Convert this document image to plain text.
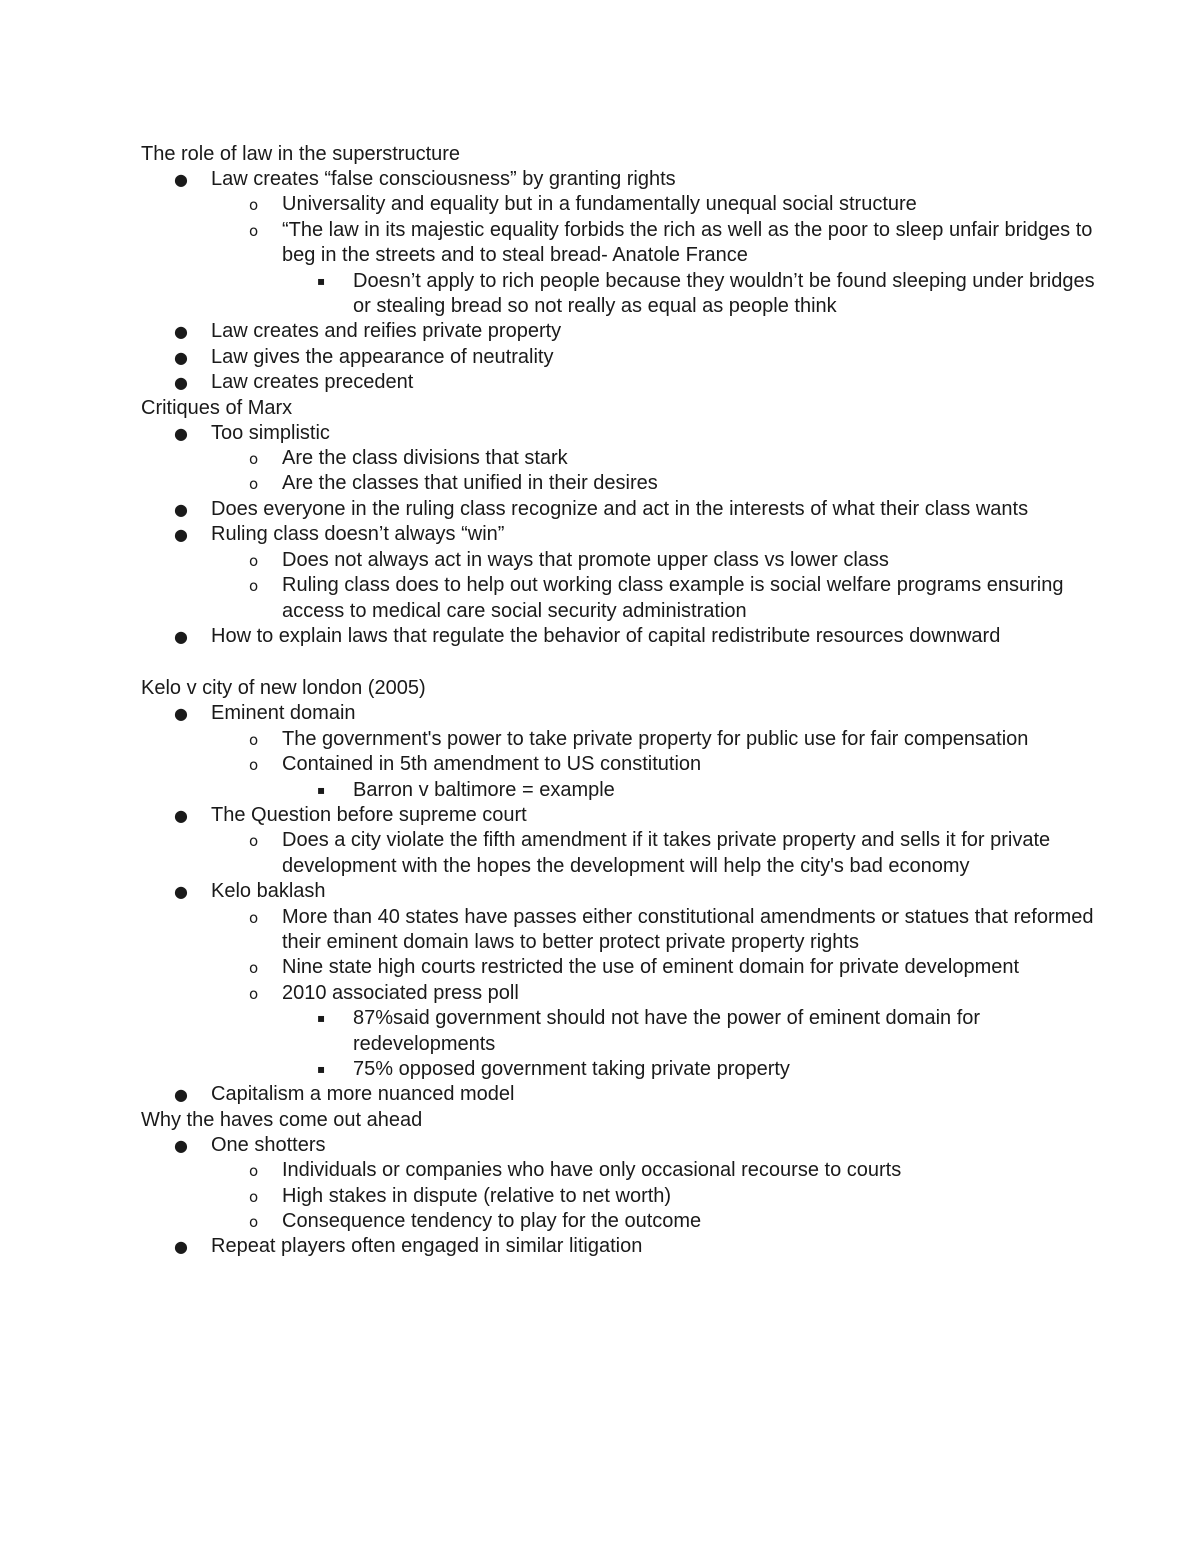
The role of law in the superstructure

● Law creates “false consciousness” by granting rights
o Universality and equality but in a fundamentally unequal social structure
o “The law in its majestic equality forbids the rich as well as the poor to sleep unfair bridges to beg in the streets and to steal bread- Anatole France
▪ Doesn’t apply to rich people because they wouldn’t be found sleeping under bridges or stealing bread so not really as equal as people think
● Law creates and reifies private property
● Law gives the appearance of neutrality
● Law creates precedent

Critiques of Marx

● Too simplistic
o Are the class divisions that stark
o Are the classes that unified in their desires
● Does everyone in the ruling class recognize and act in the interests of what their class wants
● Ruling class doesn’t always “win”
o Does not always act in ways that promote upper class vs lower class
o Ruling class does to help out working class example is social welfare programs ensuring access to medical care social security administration
● How to explain laws that regulate the behavior of capital redistribute resources downward

Kelo v city of new london (2005)

● Eminent domain
o The government's power to take private property for public use for fair compensation
o Contained in 5th amendment to US constitution
▪ Barron v baltimore = example
● The Question before supreme court
o Does a city violate the fifth amendment if it takes private property and sells it for private development with the hopes the development will help the city's bad economy
● Kelo baklash
o More than 40 states have passes either constitutional amendments or statues that reformed their eminent domain laws to better protect private property rights
o Nine state high courts restricted the use of eminent domain for private development
o 2010 associated press poll
▪ 87%said government should not have the power of eminent domain for redevelopments
▪ 75% opposed government taking private property
● Capitalism a more nuanced model

Why the haves come out ahead

● One shotters
o Individuals or companies who have only occasional recourse to courts
o High stakes in dispute (relative to net worth)
o Consequence tendency to play for the outcome
● Repeat players often engaged in similar litigation
